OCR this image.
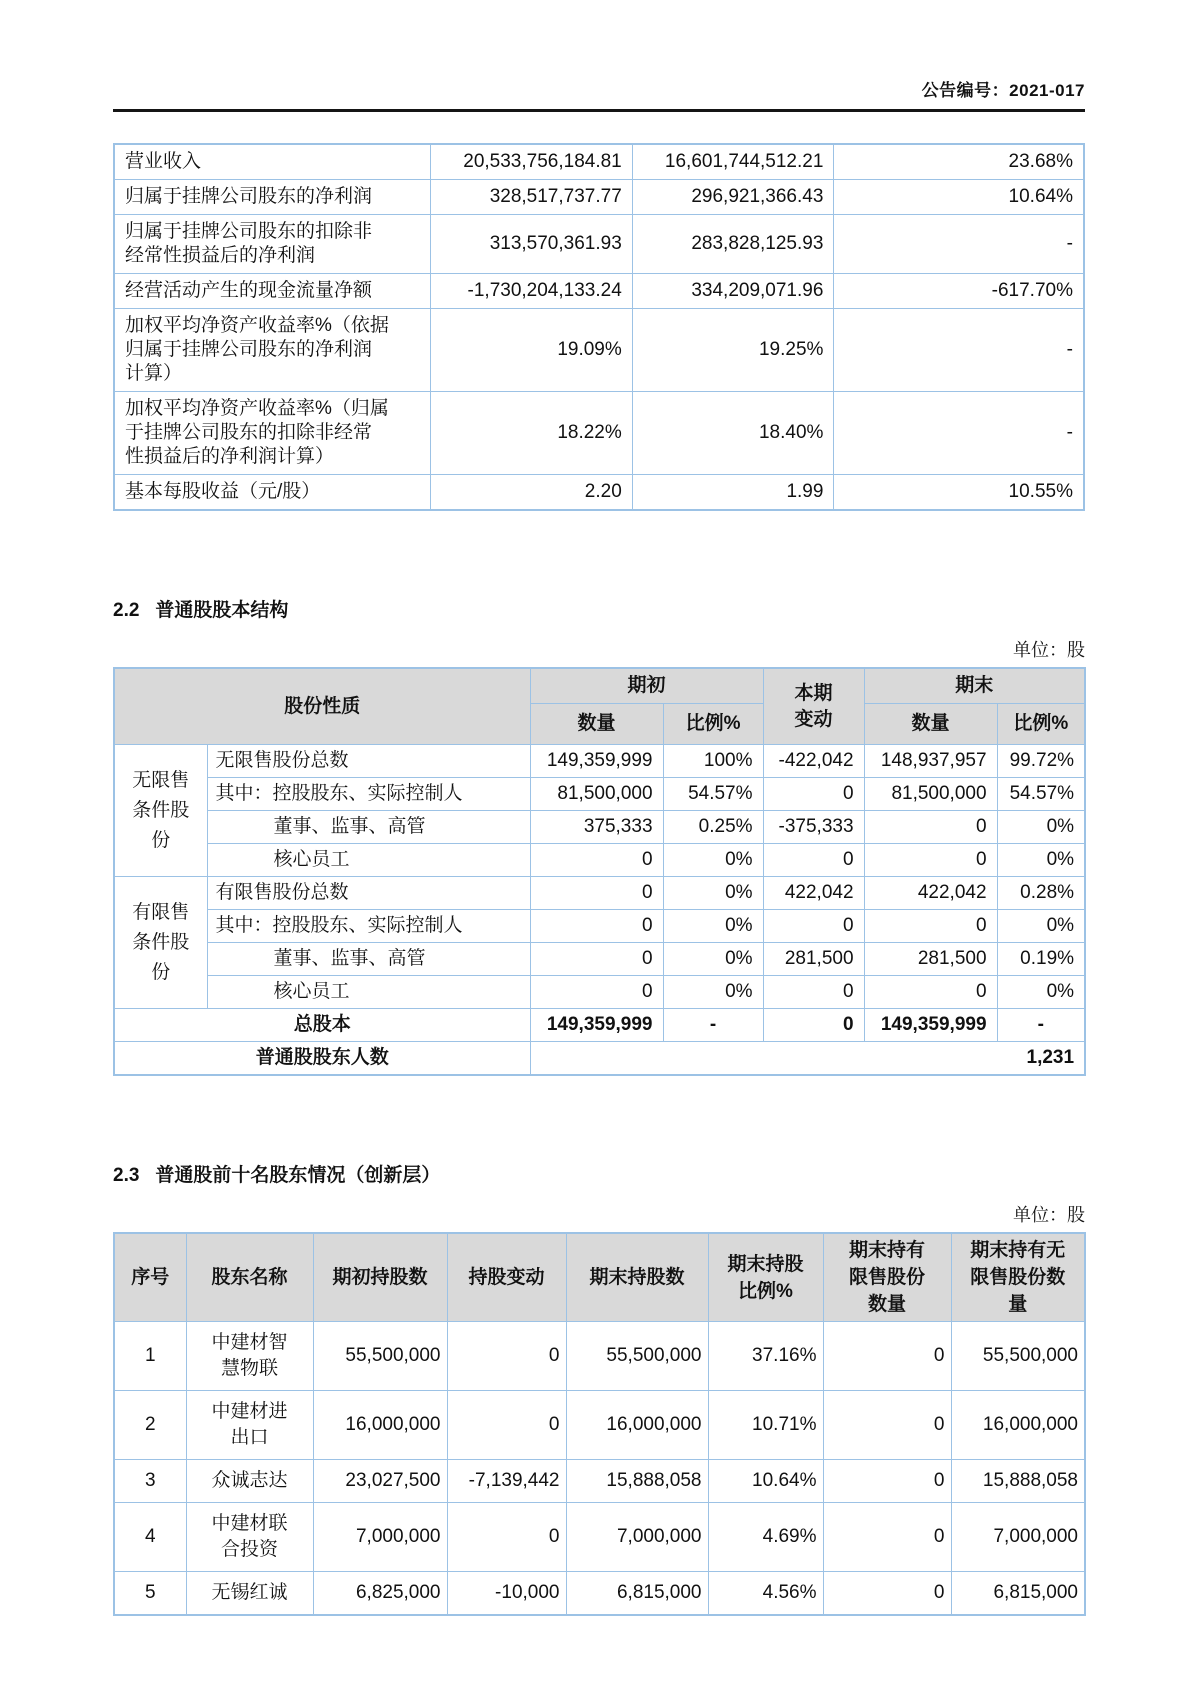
公告编号：2021-017
营业收入	20,533,756,184.81	16,601,744,512.21	23.68%
归属于挂牌公司股东的净利润	328,517,737.77	296,921,366.43	10.64%
归属于挂牌公司股东的扣除非经常性损益后的净利润	313,570,361.93	283,828,125.93	-
经营活动产生的现金流量净额	-1,730,204,133.24	334,209,071.96	-617.70%
加权平均净资产收益率%（依据归属于挂牌公司股东的净利润计算）	19.09%	19.25%	-
加权平均净资产收益率%（归属于挂牌公司股东的扣除非经常性损益后的净利润计算）	18.22%	18.40%	-
基本每股收益（元/股）	2.20	1.99	10.55%
2.2 普通股股本结构
单位：股
股份性质		期初		本期变动	期末	
		数量	比例%		数量	比例%
无限售条件股份	无限售股份总数	149,359,999	100%	-422,042	148,937,957	99.72%
	其中：控股股东、实际控制人	81,500,000	54.57%	0	81,500,000	54.57%
	董事、监事、高管	375,333	0.25%	-375,333	0	0%
	核心员工	0	0%	0	0	0%
有限售条件股份	有限售股份总数	0	0%	422,042	422,042	0.28%
	其中：控股股东、实际控制人	0	0%	0	0	0%
	董事、监事、高管	0	0%	281,500	281,500	0.19%
	核心员工	0	0%	0	0	0%
总股本		149,359,999	-	0	149,359,999	-
普通股股东人数		1,231				
2.3 普通股前十名股东情况（创新层）
单位：股
序号	股东名称	期初持股数	持股变动	期末持股数	期末持股比例%	期末持有限售股份数量	期末持有无限售股份数量
1	中建材智慧物联	55,500,000	0	55,500,000	37.16%	0	55,500,000
2	中建材进出口	16,000,000	0	16,000,000	10.71%	0	16,000,000
3	众诚志达	23,027,500	-7,139,442	15,888,058	10.64%	0	15,888,058
4	中建材联合投资	7,000,000	0	7,000,000	4.69%	0	7,000,000
5	无锡红诚	6,825,000	-10,000	6,815,000	4.56%	0	6,815,000
